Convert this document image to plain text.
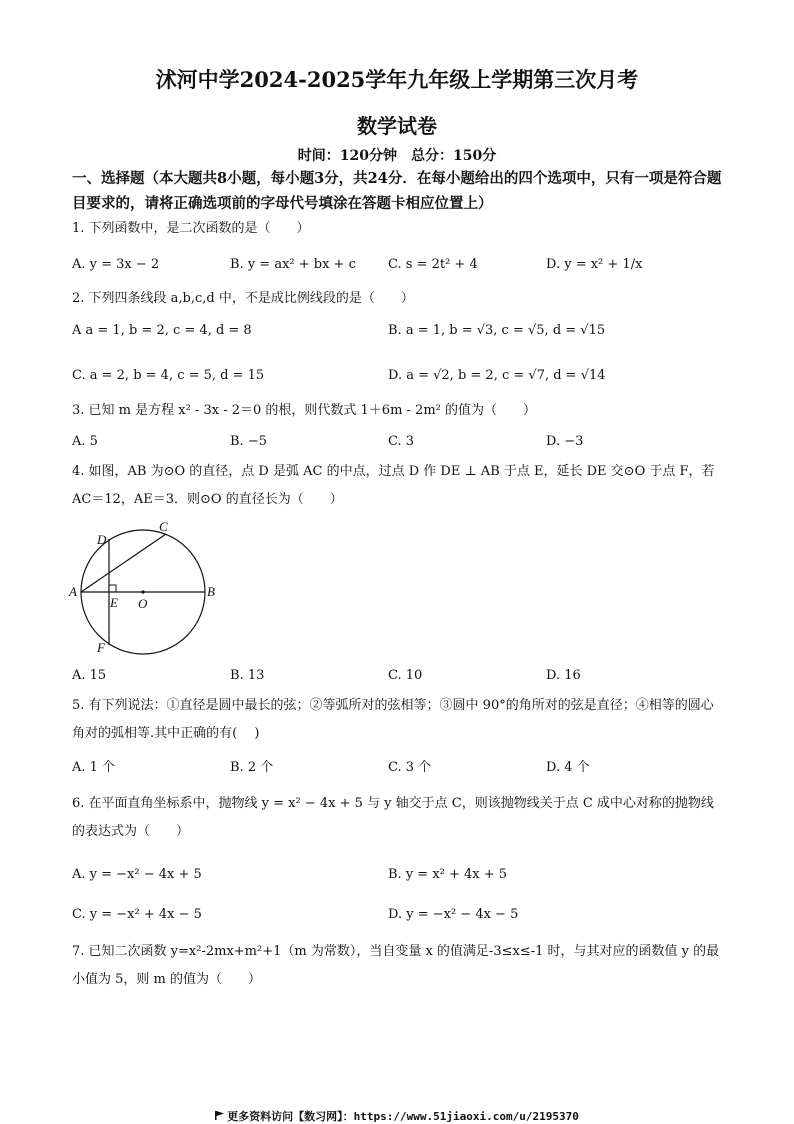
沭河中学2024-2025学年九年级上学期第三次月考
数学试卷
时间：120分钟　总分：150分
一、选择题（本大题共8小题，每小题3分，共24分．在每小题给出的四个选项中，只有一项是符合题目要求的，请将正确选项前的字母代号填涂在答题卡相应位置上）
1. 下列函数中，是二次函数的是（　　）
A. y = 3x − 2	B. y = ax² + bx + c C. s = 2t² + 4	D. y = x² + 1/x
2. 下列四条线段 a,b,c,d 中，不是成比例线段的是（　　）
A a = 1, b = 2, c = 4, d = 8	B. a = 1, b = √3, c = √5, d = √15
C. a = 2, b = 4, c = 5, d = 15	D. a = √2, b = 2, c = √7, d = √14
3. 已知 m 是方程 x² - 3x - 2＝0 的根，则代数式 1＋6m - 2m² 的值为（　　）
A. 5	B. −5	C. 3	D. −3
4. 如图，AB 为⊙O 的直径，点 D 是弧 AC 的中点，过点 D 作 DE ⊥ AB 于点 E，延长 DE 交⊙O 于点 F，若 AC＝12，AE＝3．则⊙O 的直径长为（　　）
A	B
C
D
E
F
O
A. 15	B. 13	C. 10	D. 16
5. 有下列说法：①直径是圆中最长的弦；②等弧所对的弦相等；③圆中 90°的角所对的弦是直径；④相等的圆心角对的弧相等.其中正确的有(　 )
A. 1 个	B. 2 个	C. 3 个	D. 4 个
6. 在平面直角坐标系中，抛物线 y = x² − 4x + 5 与 y 轴交于点 C，则该抛物线关于点 C 成中心对称的抛物线的表达式为（　　）
A. y = −x² − 4x + 5	B. y = x² + 4x + 5
C. y = −x² + 4x − 5	D. y = −x² − 4x − 5
7. 已知二次函数 y=x²-2mx+m²+1（m 为常数），当自变量 x 的值满足-3≤x≤-1 时，与其对应的函数值 y 的最小值为 5，则 m 的值为（　　）
更多资料访问【数习网】：https://www.51jiaoxi.com/u/2195370
